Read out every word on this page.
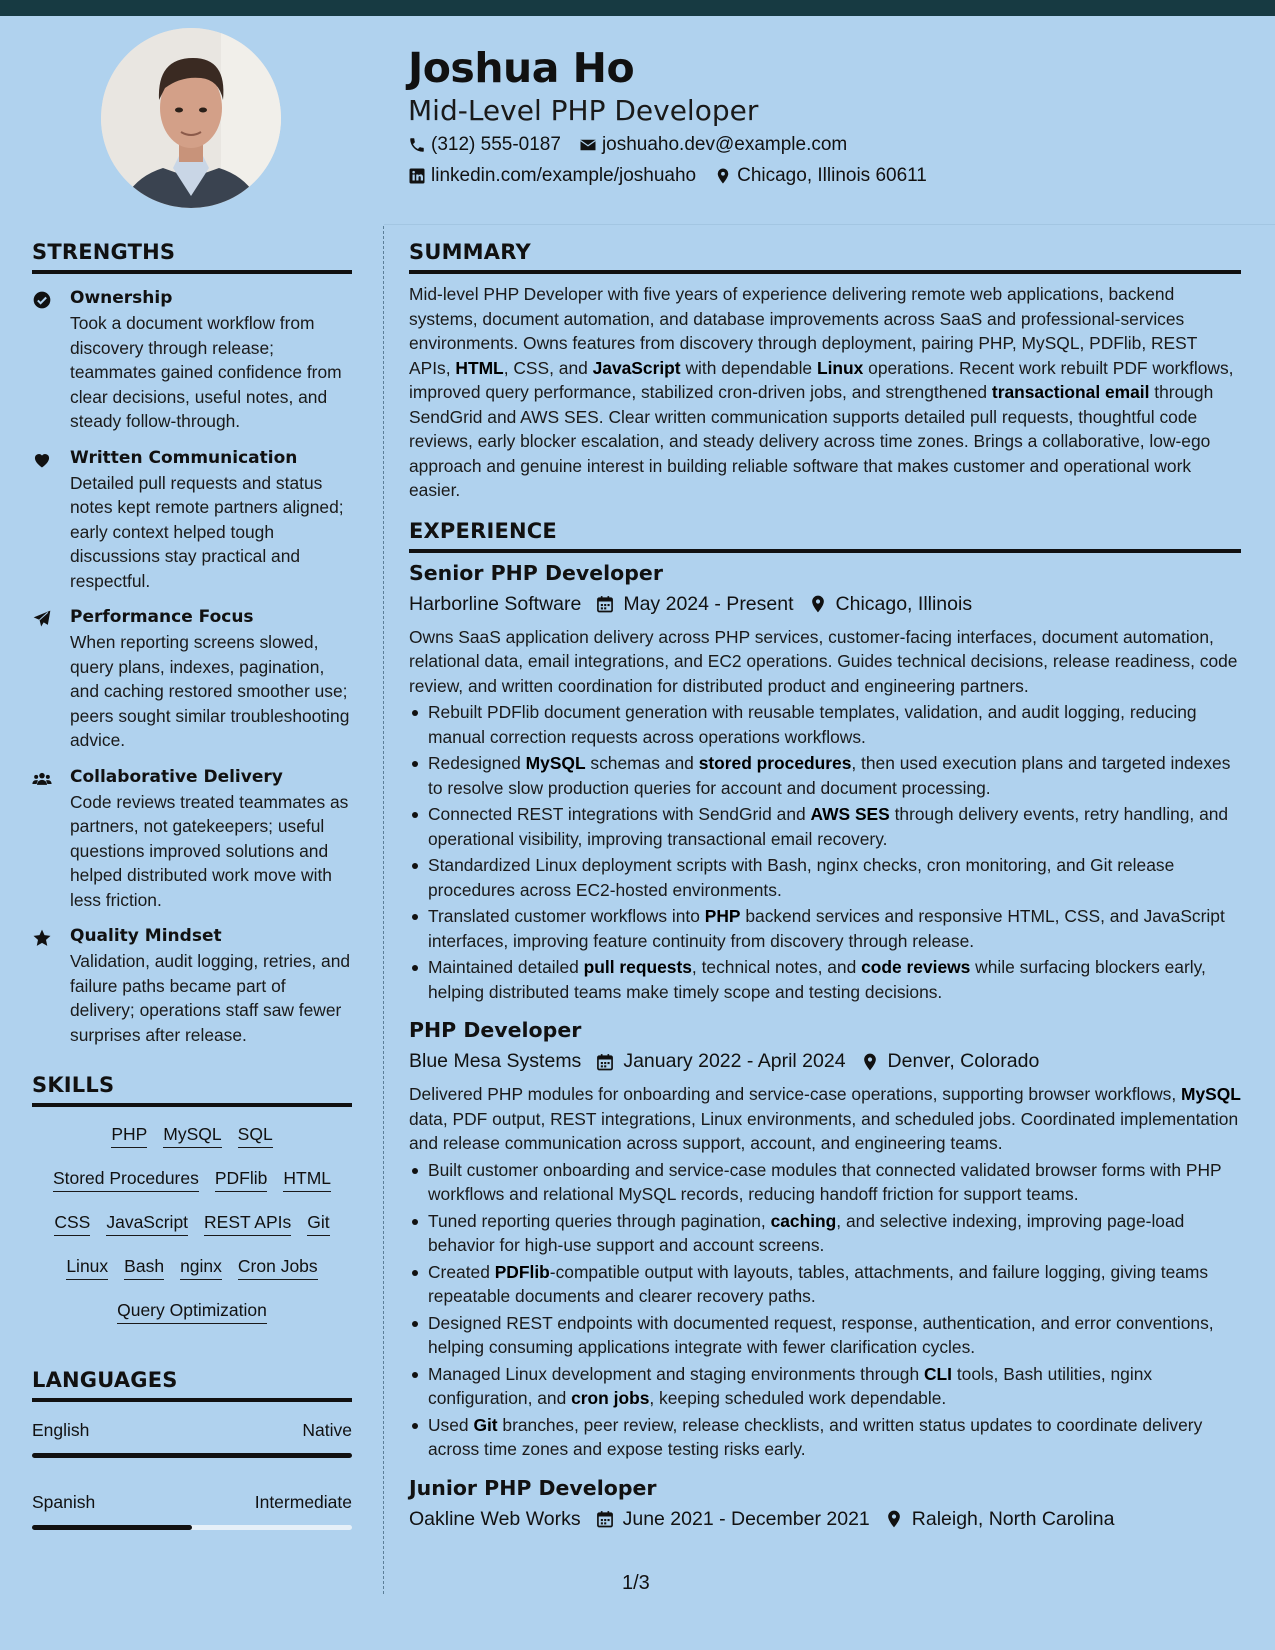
Joshua Ho
Mid-Level PHP Developer
(312) 555-0187 joshuaho.dev@example.com
linkedin.com/example/joshuaho Chicago, Illinois 60611
STRENGTHS
Ownership

Took a document workflow from discovery through release; teammates gained confidence from clear decisions, useful notes, and steady follow-through.

Written Communication

Detailed pull requests and status notes kept remote partners aligned; early context helped tough discussions stay practical and respectful.

Performance Focus

When reporting screens slowed, query plans, indexes, pagination, and caching restored smoother use; peers sought similar troubleshooting advice.

Collaborative Delivery

Code reviews treated teammates as partners, not gatekeepers; useful questions improved solutions and helped distributed work move with less friction.

Quality Mindset

Validation, audit logging, retries, and failure paths became part of delivery; operations staff saw fewer surprises after release.

SKILLS
PHP MySQL SQL
Stored Procedures PDFlib HTML
CSS JavaScript REST APIs Git
Linux Bash nginx Cron Jobs
Query Optimization
LANGUAGES
English	Native
Spanish	Intermediate
SUMMARY
Mid-level PHP Developer with five years of experience delivering remote web applications, backend systems, document automation, and database improvements across SaaS and professional-services environments. Owns features from discovery through deployment, pairing PHP, MySQL, PDFlib, REST APIs, HTML, CSS, and JavaScript with dependable Linux operations. Recent work rebuilt PDF workflows, improved query performance, stabilized cron-driven jobs, and strengthened transactional email through SendGrid and AWS SES. Clear written communication supports detailed pull requests, thoughtful code reviews, early blocker escalation, and steady delivery across time zones. Brings a collaborative, low-ego approach and genuine interest in building reliable software that makes customer and operational work easier.
EXPERIENCE
Senior PHP Developer
Harborline Software May 2024 - Present Chicago, Illinois
Owns SaaS application delivery across PHP services, customer-facing interfaces, document automation, relational data, email integrations, and EC2 operations. Guides technical decisions, release readiness, code review, and written coordination for distributed product and engineering partners.
Rebuilt PDFlib document generation with reusable templates, validation, and audit logging, reducing manual correction requests across operations workflows.
Redesigned MySQL schemas and stored procedures, then used execution plans and targeted indexes to resolve slow production queries for account and document processing.
Connected REST integrations with SendGrid and AWS SES through delivery events, retry handling, and operational visibility, improving transactional email recovery.
Standardized Linux deployment scripts with Bash, nginx checks, cron monitoring, and Git release procedures across EC2-hosted environments.
Translated customer workflows into PHP backend services and responsive HTML, CSS, and JavaScript interfaces, improving feature continuity from discovery through release.
Maintained detailed pull requests, technical notes, and code reviews while surfacing blockers early, helping distributed teams make timely scope and testing decisions.
PHP Developer
Blue Mesa Systems January 2022 - April 2024 Denver, Colorado
Delivered PHP modules for onboarding and service-case operations, supporting browser workflows, MySQL data, PDF output, REST integrations, Linux environments, and scheduled jobs. Coordinated implementation and release communication across support, account, and engineering teams.
Built customer onboarding and service-case modules that connected validated browser forms with PHP workflows and relational MySQL records, reducing handoff friction for support teams.
Tuned reporting queries through pagination, caching, and selective indexing, improving page-load behavior for high-use support and account screens.
Created PDFlib-compatible output with layouts, tables, attachments, and failure logging, giving teams repeatable documents and clearer recovery paths.
Designed REST endpoints with documented request, response, authentication, and error conventions, helping consuming applications integrate with fewer clarification cycles.
Managed Linux development and staging environments through CLI tools, Bash utilities, nginx configuration, and cron jobs, keeping scheduled work dependable.
Used Git branches, peer review, release checklists, and written status updates to coordinate delivery across time zones and expose testing risks early.
Junior PHP Developer
Oakline Web Works June 2021 - December 2021 Raleigh, North Carolina
1/3
